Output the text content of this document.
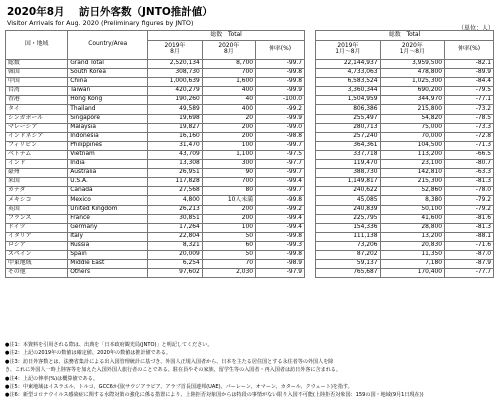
2020年8月 訪日外客数（JNTO推計値）
Visitor Arrivals for Aug. 2020 (Preliminary figures by JNTO)
（単位：人）
国・地域	Country/Area	総数　Total				総数　Total		
		2019年
8月	2020年
8月	伸率(%)		2019年
1月～8月	2020年
1月～8月	伸率(%)
総数	Grand Total	2,520,134	8,700	-99.7		22,144,937	3,959,500	-82.1
韓国	South Korea	308,730	700	-99.8		4,733,063	478,800	-89.9
中国	China	1,000,639	1,600	-99.8		6,583,524	1,025,300	-84.4
台湾	Taiwan	420,279	400	-99.9		3,360,344	690,200	-79.5
香港	Hong Kong	190,260	40	-100.0		1,504,959	344,970	-77.1
タイ	Thailand	49,589	400	-99.2		806,386	215,800	-73.2
シンガポール	Singapore	19,698	20	-99.9		255,497	54,820	-78.5
マレーシア	Malaysia	19,827	200	-99.0		280,713	75,000	-73.3
インドネシア	Indonesia	16,160	200	-98.8		257,240	70,000	-72.8
フィリピン	Philippines	31,470	100	-99.7		364,361	104,500	-71.3
ベトナム	Vietnam	43,709	1,100	-97.5		337,718	113,200	-66.5
インド	India	13,308	300	-97.7		119,470	23,100	-80.7
豪州	Australia	26,951	90	-99.7		388,730	142,810	-63.3
米国	U.S.A.	117,828	700	-99.4		1,149,817	215,300	-81.3
カナダ	Canada	27,568	80	-99.7		240,622	52,860	-78.0
メキシコ	Mexico	4,800	10人未満	-99.8		45,085	8,380	-79.2
英国	United Kingdom	26,213	200	-99.2		240,839	50,100	-79.2
フランス	France	30,851	200	-99.4		225,795	41,600	-81.6
ドイツ	Germany	17,264	100	-99.4		154,336	28,800	-81.3
イタリア	Italy	22,804	50	-99.8		111,138	13,200	-88.1
ロシア	Russia	8,321	60	-99.3		73,206	20,830	-71.6
スペイン	Spain	20,009	50	-99.8		87,202	11,350	-87.0
中東地域	Middle East	6,254	70	-98.9		59,137	7,180	-87.9
その他	Others	97,602	2,030	-97.9		765,687	170,400	-77.7
●注1：本資料を引用される際は、出典を「日本政府観光局(JNTO)」と明記してください。
●注2：上記の2019年の数値は確定値、2020年の数値は推計値である。
●注3：訪日外客数とは、法務省集計による出入国管理統計に基づき、外国人正規入国者から、日本を主たる居住国とする永住者等の外国人を除
き、これに外国人一時上陸客等を加えた入国外国人旅行者のことである。駐在員やその家族、留学生等の入国者・再入国者は訪日外客に含まれる。
●注4：上記の伸率(%)は概算値である。
●注5：中東地域はイスラエル、トルコ、GCC6か国(サウジアラビア、アラブ首長国連邦(UAE)、バーレーン、オマーン、カタール、クウェート)を指す。
●注6：新型コロナウイルス感染症に関する水際対策の強化に係る措置により、上陸拒否対象国からは特段の事情がない限り入国不可能(上陸拒否対象国：159の国・地域(9月1日現在))
